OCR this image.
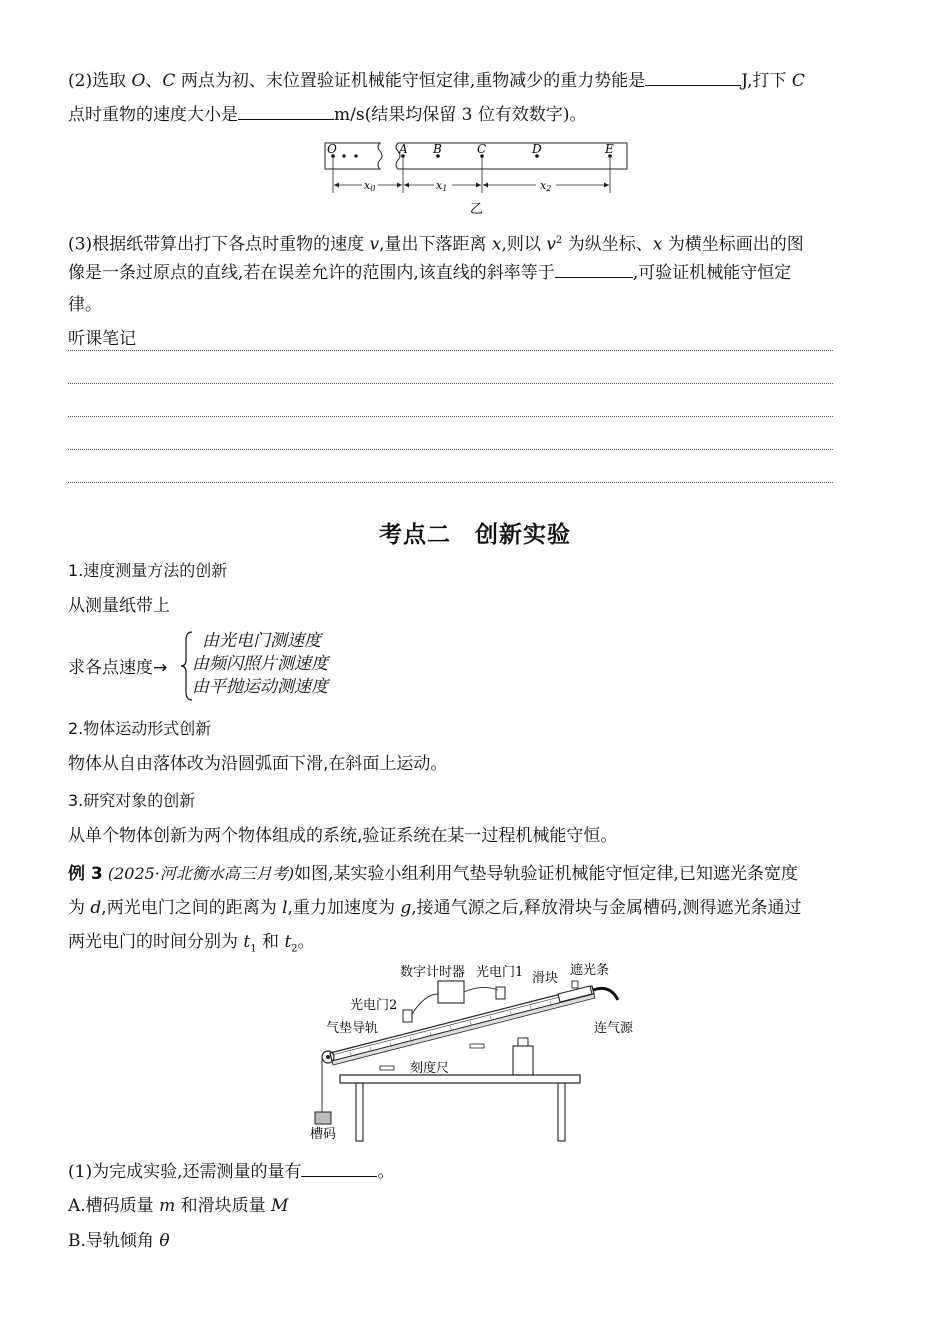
(2)选取 O、C 两点为初、末位置验证机械能守恒定律,重物减少的重力势能是	J,打下 C

点时重物的速度大小是	m/s(结果均保留 3 位有效数字)。

O	A B	C	D	E
x0	x1	x2
乙

(3)根据纸带算出打下各点时重物的速度 v,量出下落距离 x,则以 $v^2$ 为纵坐标、x 为横坐标画出的图

像是一条过原点的直线,若在误差允许的范围内,该直线的斜率等于	,可验证机械能守恒定

律。

听课笔记

考点二　创新实验

1.速度测量方法的创新

从测量纸带上

求各点速度→

由光电门测速度
由频闪照片测速度
由平抛运动测速度

2.物体运动形式创新

物体从自由落体改为沿圆弧面下滑,在斜面上运动。

3.研究对象的创新

从单个物体创新为两个物体组成的系统,验证系统在某一过程机械能守恒。

例 3 (2025·河北衡水高三月考)如图,某实验小组利用气垫导轨验证机械能守恒定律,已知遮光条宽度

为 d,两光电门之间的距离为 l,重力加速度为 g,接通气源之后,释放滑块与金属槽码,测得遮光条通过

两光电门的时间分别为 $t_1$ 和 $t_2$。

数字计时器 光电门1 滑块
遮光条
光电门2
气垫导轨	连气源
刻度尺
槽码

(1)为完成实验,还需测量的量有	。

A.槽码质量 m 和滑块质量 M

B.导轨倾角 θ
